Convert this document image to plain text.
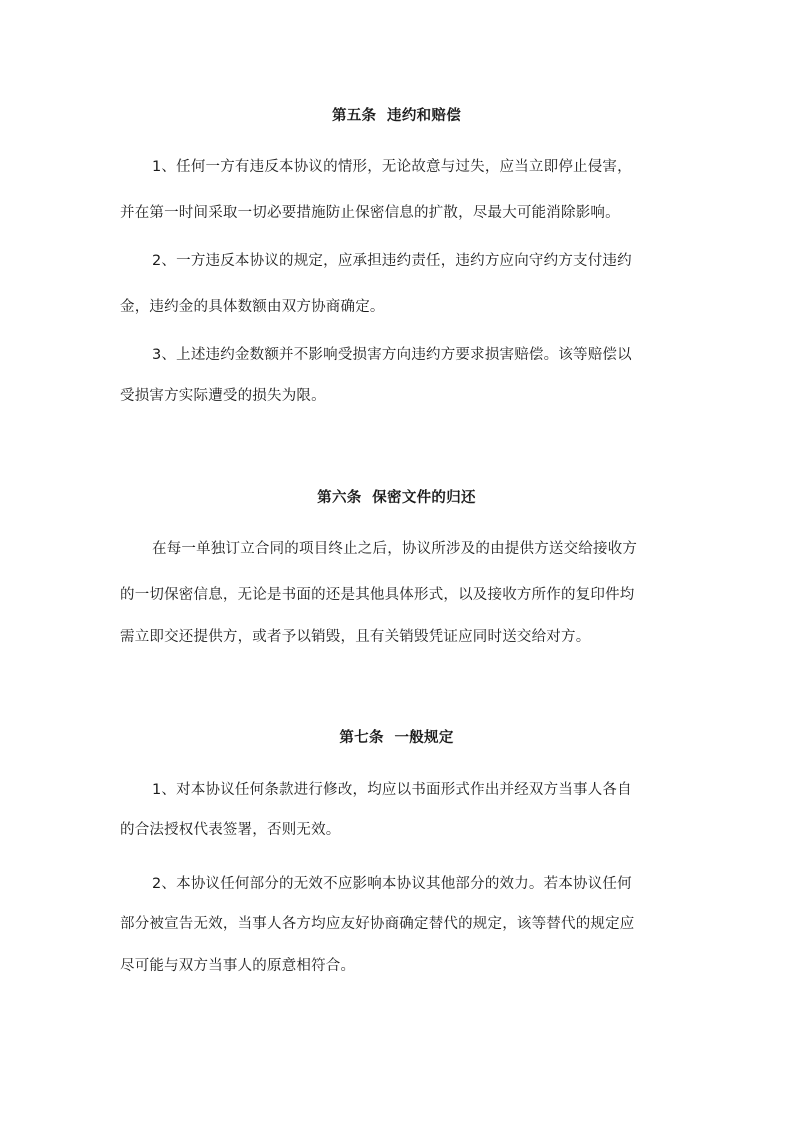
第五条  违约和赔偿
1、任何一方有违反本协议的情形，无论故意与过失，应当立即停止侵害，
并在第一时间采取一切必要措施防止保密信息的扩散，尽最大可能消除影响。
2、一方违反本协议的规定，应承担违约责任，违约方应向守约方支付违约
金，违约金的具体数额由双方协商确定。
3、上述违约金数额并不影响受损害方向违约方要求损害赔偿。该等赔偿以
受损害方实际遭受的损失为限。
第六条  保密文件的归还
在每一单独订立合同的项目终止之后，协议所涉及的由提供方送交给接收方
的一切保密信息，无论是书面的还是其他具体形式，以及接收方所作的复印件均
需立即交还提供方，或者予以销毁，且有关销毁凭证应同时送交给对方。
第七条  一般规定
1、对本协议任何条款进行修改，均应以书面形式作出并经双方当事人各自
的合法授权代表签署，否则无效。
2、本协议任何部分的无效不应影响本协议其他部分的效力。若本协议任何
部分被宣告无效，当事人各方均应友好协商确定替代的规定，该等替代的规定应
尽可能与双方当事人的原意相符合。
